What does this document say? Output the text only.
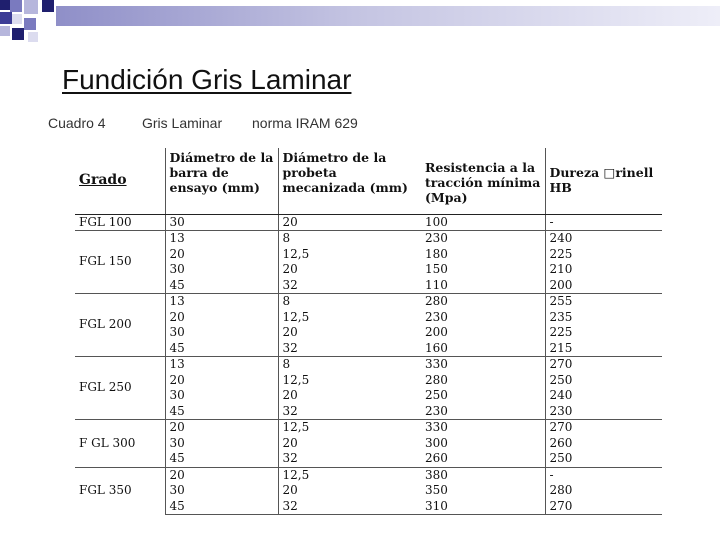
Fundición Gris Laminar
Cuadro 4	Gris Laminar norma IRAM 629
Grado	Diámetro de la barra de ensayo (mm)	Diámetro de la probeta mecanizada (mm)	Resistencia a la tracción mínima (Mpa)	Dureza □rinell HB
FGL 100	30	20	100	-
FGL 150	13	8	230	240
	20	12,5	180	225
	30	20	150	210
	45	32	110	200
FGL 200	13	8	280	255
	20	12,5	230	235
	30	20	200	225
	45	32	160	215
FGL 250	13	8	330	270
	20	12,5	280	250
	30	20	250	240
	45	32	230	230
F GL 300	20	12,5	330	270
	30	20	300	260
	45	32	260	250
FGL 350	20	12,5	380	-
	30	20	350	280
	45	32	310	270
